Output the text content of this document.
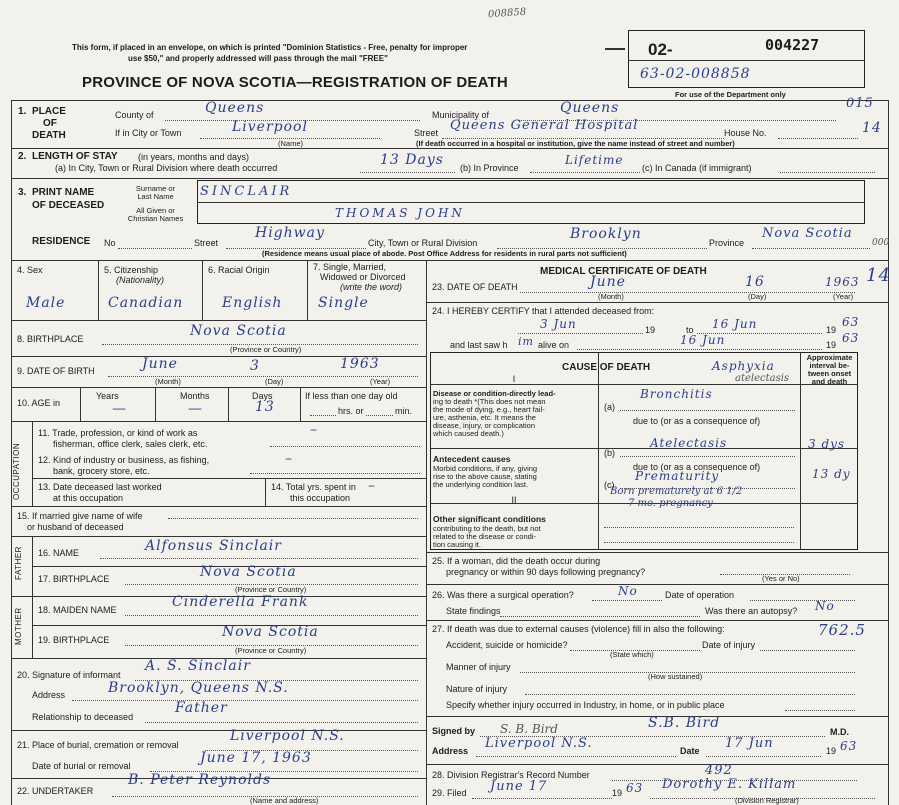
008858
This form, if placed in an envelope, on which is printed "Dominion Statistics - Free, penalty for improper
use $50," and properly addressed will pass through the mail "FREE"
PROVINCE OF NOVA SCOTIA—REGISTRATION OF DEATH
02-	004227
63-02-008858
For use of the Department only
1. PLACE
OF
DEATH
County of	Queens	Municipality of	Queens	015
If in City or Town	Liverpool
(Name)
Street Queens General Hospital	House No.	14
(If death occurred in a hospital or institution, give the name instead of street and number)
2. LENGTH OF STAY (in years, months and days)
(a) In City, Town or Rural Division where death occurred	13 Days (b) In Province
Lifetime
(c) In Canada (if immigrant)
3. PRINT NAME
OF DECEASED
Surname or
Last Name
All Given or
Christian Names
SINCLAIR
THOMAS JOHN
RESIDENCE No	Street
Highway
City, Town or Rural Division
Brooklyn
Province
Nova Scotia
000
(Residence means usual place of abode. Post Office Address for residents in rural parts not sufficient)
4. Sex
Male
5. Citizenship
(Nationality)
Canadian
6. Racial Origin
English
7. Single, Married,
Widowed or Divorced
(write the word)
Single
8. BIRTHPLACE	Nova Scotia
(Province or Country)
9. DATE OF BIRTH	June	3	1963
(Month)	(Day)	(Year)
10. AGE in
Years	Months	Days
—	—	13
If less than one day old
hrs. or	min.
OCCUPATION
11. Trade, profession, or kind of work as
fisherman, office clerk, sales clerk, etc.
–
12. Kind of industry or business, as fishing,
bank, grocery store, etc.
–
13. Date deceased last worked
at this occupation
14. Total yrs. spent in
this occupation
–
15. If married give name of wife
or husband of deceased
FATHER 16. NAME	Alfonsus Sinclair
17. BIRTHPLACE	Nova Scotia
(Province or Country)
MOTHER 18. MAIDEN NAME	Cinderella Frank
19. BIRTHPLACE	Nova Scotia
(Province or Country)
20. Signature of informant
A. S. Sinclair
Address	Brooklyn, Queens N.S.
Relationship to deceased
Father
21. Place of burial, cremation or removal
Liverpool N.S.
Date of burial or removal	June 17, 1963
22. UNDERTAKER
B. Peter Reynolds
(Name and address)
MEDICAL CERTIFICATE OF DEATH
23. DATE OF DEATH	June	16	1963 14
(Month)	(Day)	(Year)
24. I HEREBY CERTIFY that I attended deceased from:
3 Jun	19	to 16 Jun	19
63
and last saw h im alive on	16 Jun	19 63
CAUSE OF DEATH	Asphyxia
atelectasis
Approximate
interval be-
tween onset
and death
I
Disease or condition-directly lead-
ing to death *(This does not mean
the mode of dying, e.g., heart fail-
ure, asthenia, etc. It means the
disease, injury, or complication
which caused death.)
(a)
Bronchitis
due to (or as a consequence of)
Antecedent causes
Morbid conditions, if any, giving
rise to the above cause, stating
the underlying condition last.
(b)
Atelectasis	3 dys
due to (or as a consequence of)
(c)
Prematurity	13 dy
Born prematurely at 6 1/2
7 mo. pregnancy
II
Other significant conditions
contributing to the death, but not
related to the disease or condi-
tion causing it.
25. If a woman, did the death occur during
pregnancy or within 90 days following pregnancy?
(Yes or No)
26. Was there a surgical operation?	No	Date of operation
State findings	Was there an autopsy? No
27. If death was due to external causes (violence) fill in also the following:	762.5
Accident, suicide or homicide?
(State which)
Date of injury
Manner of injury
(How sustained)
Nature of injury
Specify whether injury occurred in Industry, in home, or in public place
Signed by S. B. Bird	S.B. Bird
M.D.
Address Liverpool N.S.	Date 17 Jun	19 63
28. Division Registrar's Record Number	492
29. Filed June 17	19 63 Dorothy E. Killam
(Division Registrar)
